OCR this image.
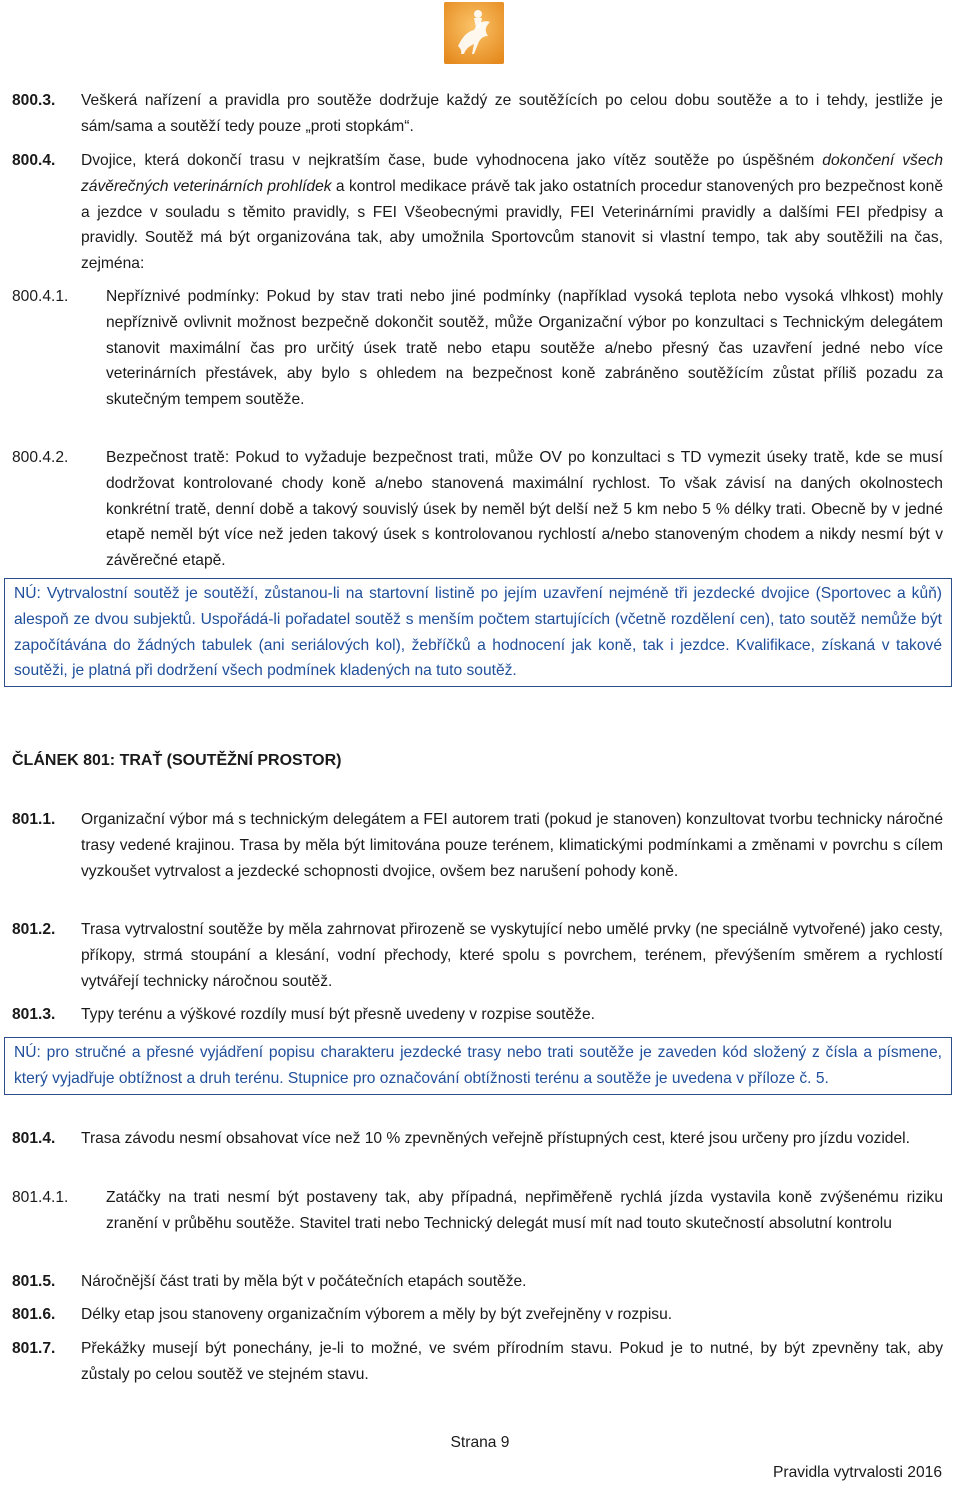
800.3. Veškerá nařízení a pravidla pro soutěže dodržuje každý ze soutěžících po celou dobu soutěže a to i tehdy, jestliže je sám/sama a soutěží tedy pouze „proti stopkám“.
800.4. Dvojice, která dokončí trasu v nejkratším čase, bude vyhodnocena jako vítěz soutěže po úspěšném dokončení všech závěrečných veterinárních prohlídek a kontrol medikace právě tak jako ostatních procedur stanovených pro bezpečnost koně a jezdce v souladu s těmito pravidly, s FEI Všeobecnými pravidly, FEI Veterinárními pravidly a dalšími FEI předpisy a pravidly. Soutěž má být organizována tak, aby umožnila Sportovcům stanovit si vlastní tempo, tak aby soutěžili na čas, zejména:
800.4.1. Nepříznivé podmínky: Pokud by stav trati nebo jiné podmínky (například vysoká teplota nebo vysoká vlhkost) mohly nepříznivě ovlivnit možnost bezpečně dokončit soutěž, může Organizační výbor po konzultaci s Technickým delegátem stanovit maximální čas pro určitý úsek tratě nebo etapu soutěže a/nebo přesný čas uzavření jedné nebo více veterinárních přestávek, aby bylo s ohledem na bezpečnost koně zabráněno soutěžícím zůstat příliš pozadu za skutečným tempem soutěže.
800.4.2. Bezpečnost tratě: Pokud to vyžaduje bezpečnost trati, může OV po konzultaci s TD vymezit úseky tratě, kde se musí dodržovat kontrolované chody koně a/nebo stanovená maximální rychlost. To však závisí na daných okolnostech konkrétní tratě, denní době a takový souvislý úsek by neměl být delší než 5 km nebo 5 % délky trati. Obecně by v jedné etapě neměl být více než jeden takový úsek s kontrolovanou rychlostí a/nebo stanoveným chodem a nikdy nesmí být v závěrečné etapě.
NÚ: Vytrvalostní soutěž je soutěží, zůstanou-li na startovní listině po jejím uzavření nejméně tři jezdecké dvojice (Sportovec a kůň) alespoň ze dvou subjektů. Uspořádá-li pořadatel soutěž s menším počtem startujících (včetně rozdělení cen), tato soutěž nemůže být započítávána do žádných tabulek (ani seriálových kol), žebříčků a hodnocení jak koně, tak i jezdce. Kvalifikace, získaná v takové soutěži, je platná při dodržení všech podmínek kladených na tuto soutěž.
ČLÁNEK 801: TRAŤ (SOUTĚŽNÍ PROSTOR)
801.1. Organizační výbor má s technickým delegátem a FEI autorem trati (pokud je stanoven) konzultovat tvorbu technicky náročné trasy vedené krajinou. Trasa by měla být limitována pouze terénem, klimatickými podmínkami a změnami v povrchu s cílem vyzkoušet vytrvalost a jezdecké schopnosti dvojice, ovšem bez narušení pohody koně.
801.2. Trasa vytrvalostní soutěže by měla zahrnovat přirozeně se vyskytující nebo umělé prvky (ne speciálně vytvořené) jako cesty, příkopy, strmá stoupání a klesání, vodní přechody, které spolu s povrchem, terénem, převýšením směrem a rychlostí vytvářejí technicky náročnou soutěž.
801.3. Typy terénu a výškové rozdíly musí být přesně uvedeny v rozpise soutěže.
NÚ: pro stručné a přesné vyjádření popisu charakteru jezdecké trasy nebo trati soutěže je zaveden kód složený z čísla a písmene, který vyjadřuje obtížnost a druh terénu. Stupnice pro označování obtížnosti terénu a soutěže je uvedena v příloze č. 5.
801.4. Trasa závodu nesmí obsahovat více než 10 % zpevněných veřejně přístupných cest, které jsou určeny pro jízdu vozidel.
801.4.1. Zatáčky na trati nesmí být postaveny tak, aby případná, nepřiměřeně rychlá jízda vystavila koně zvýšenému riziku zranění v průběhu soutěže. Stavitel trati nebo Technický delegát musí mít nad touto skutečností absolutní kontrolu
801.5. Náročnější část trati by měla být v počátečních etapách soutěže.
801.6. Délky etap jsou stanoveny organizačním výborem a měly by být zveřejněny v rozpisu.
801.7. Překážky musejí být ponechány, je-li to možné, ve svém přírodním stavu. Pokud je to nutné, by být zpevněny tak, aby zůstaly po celou soutěž ve stejném stavu.
Strana 9
Pravidla vytrvalosti 2016
